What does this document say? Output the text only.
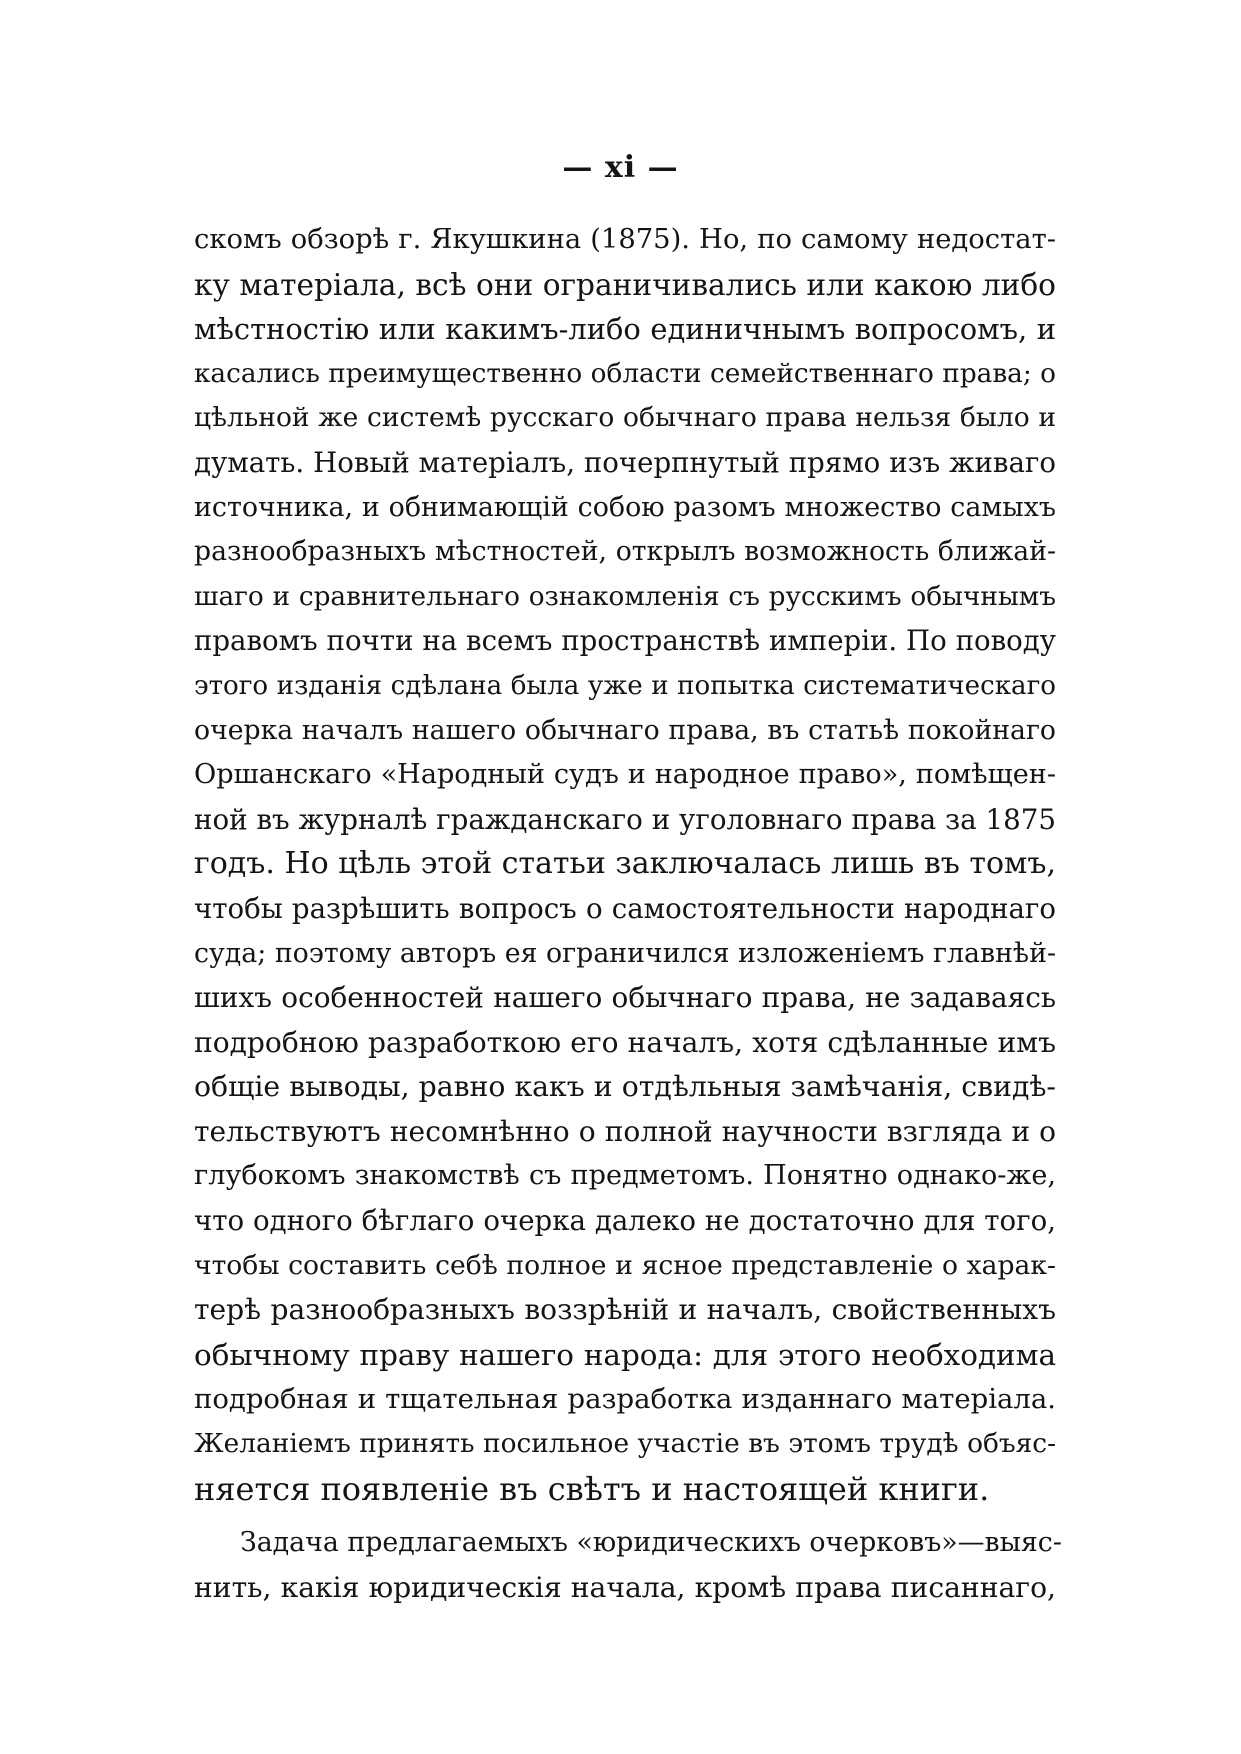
— xi —
скомъ обзорѣ г. Якушкина (1875). Но, по самому недостат-
ку матеріала, всѣ они ограничивались или какою либо
мѣстностію или какимъ-либо единичнымъ вопросомъ, и
касались преимущественно области семейственнаго права; о
цѣльной же системѣ русскаго обычнаго права нельзя было и
думать. Новый матеріалъ, почерпнутый прямо изъ живаго
источника, и обнимающій собою разомъ множество самыхъ
разнообразныхъ мѣстностей, открылъ возможность ближай-
шаго и сравнительнаго ознакомленія съ русскимъ обычнымъ
правомъ почти на всемъ пространствѣ имперіи. По поводу
этого изданія сдѣлана была уже и попытка систематическаго
очерка началъ нашего обычнаго права, въ статьѣ покойнаго
Оршанскаго «Народный судъ и народное право», помѣщен-
ной въ журналѣ гражданскаго и уголовнаго права за 1875
годъ. Но цѣль этой статьи заключалась лишь въ томъ,
чтобы разрѣшить вопросъ о самостоятельности народнаго
суда; поэтому авторъ ея ограничился изложеніемъ главнѣй-
шихъ особенностей нашего обычнаго права, не задаваясь
подробною разработкою его началъ, хотя сдѣланные имъ
общіе выводы, равно какъ и отдѣльныя замѣчанія, свидѣ-
тельствуютъ несомнѣнно о полной научности взгляда и о
глубокомъ знакомствѣ съ предметомъ. Понятно однако-же,
что одного бѣглаго очерка далеко не достаточно для того,
чтобы составить себѣ полное и ясное представленіе о харак-
терѣ разнообразныхъ воззрѣній и началъ, свойственныхъ
обычному праву нашего народа: для этого необходима
подробная и тщательная разработка изданнаго матеріала.
Желаніемъ принять посильное участіе въ этомъ трудѣ объяс-
няется появленіе въ свѣтъ и настоящей книги.
Задача предлагаемыхъ «юридическихъ очерковъ»—выяс-
нить, какія юридическія начала, кромѣ права писаннаго,
